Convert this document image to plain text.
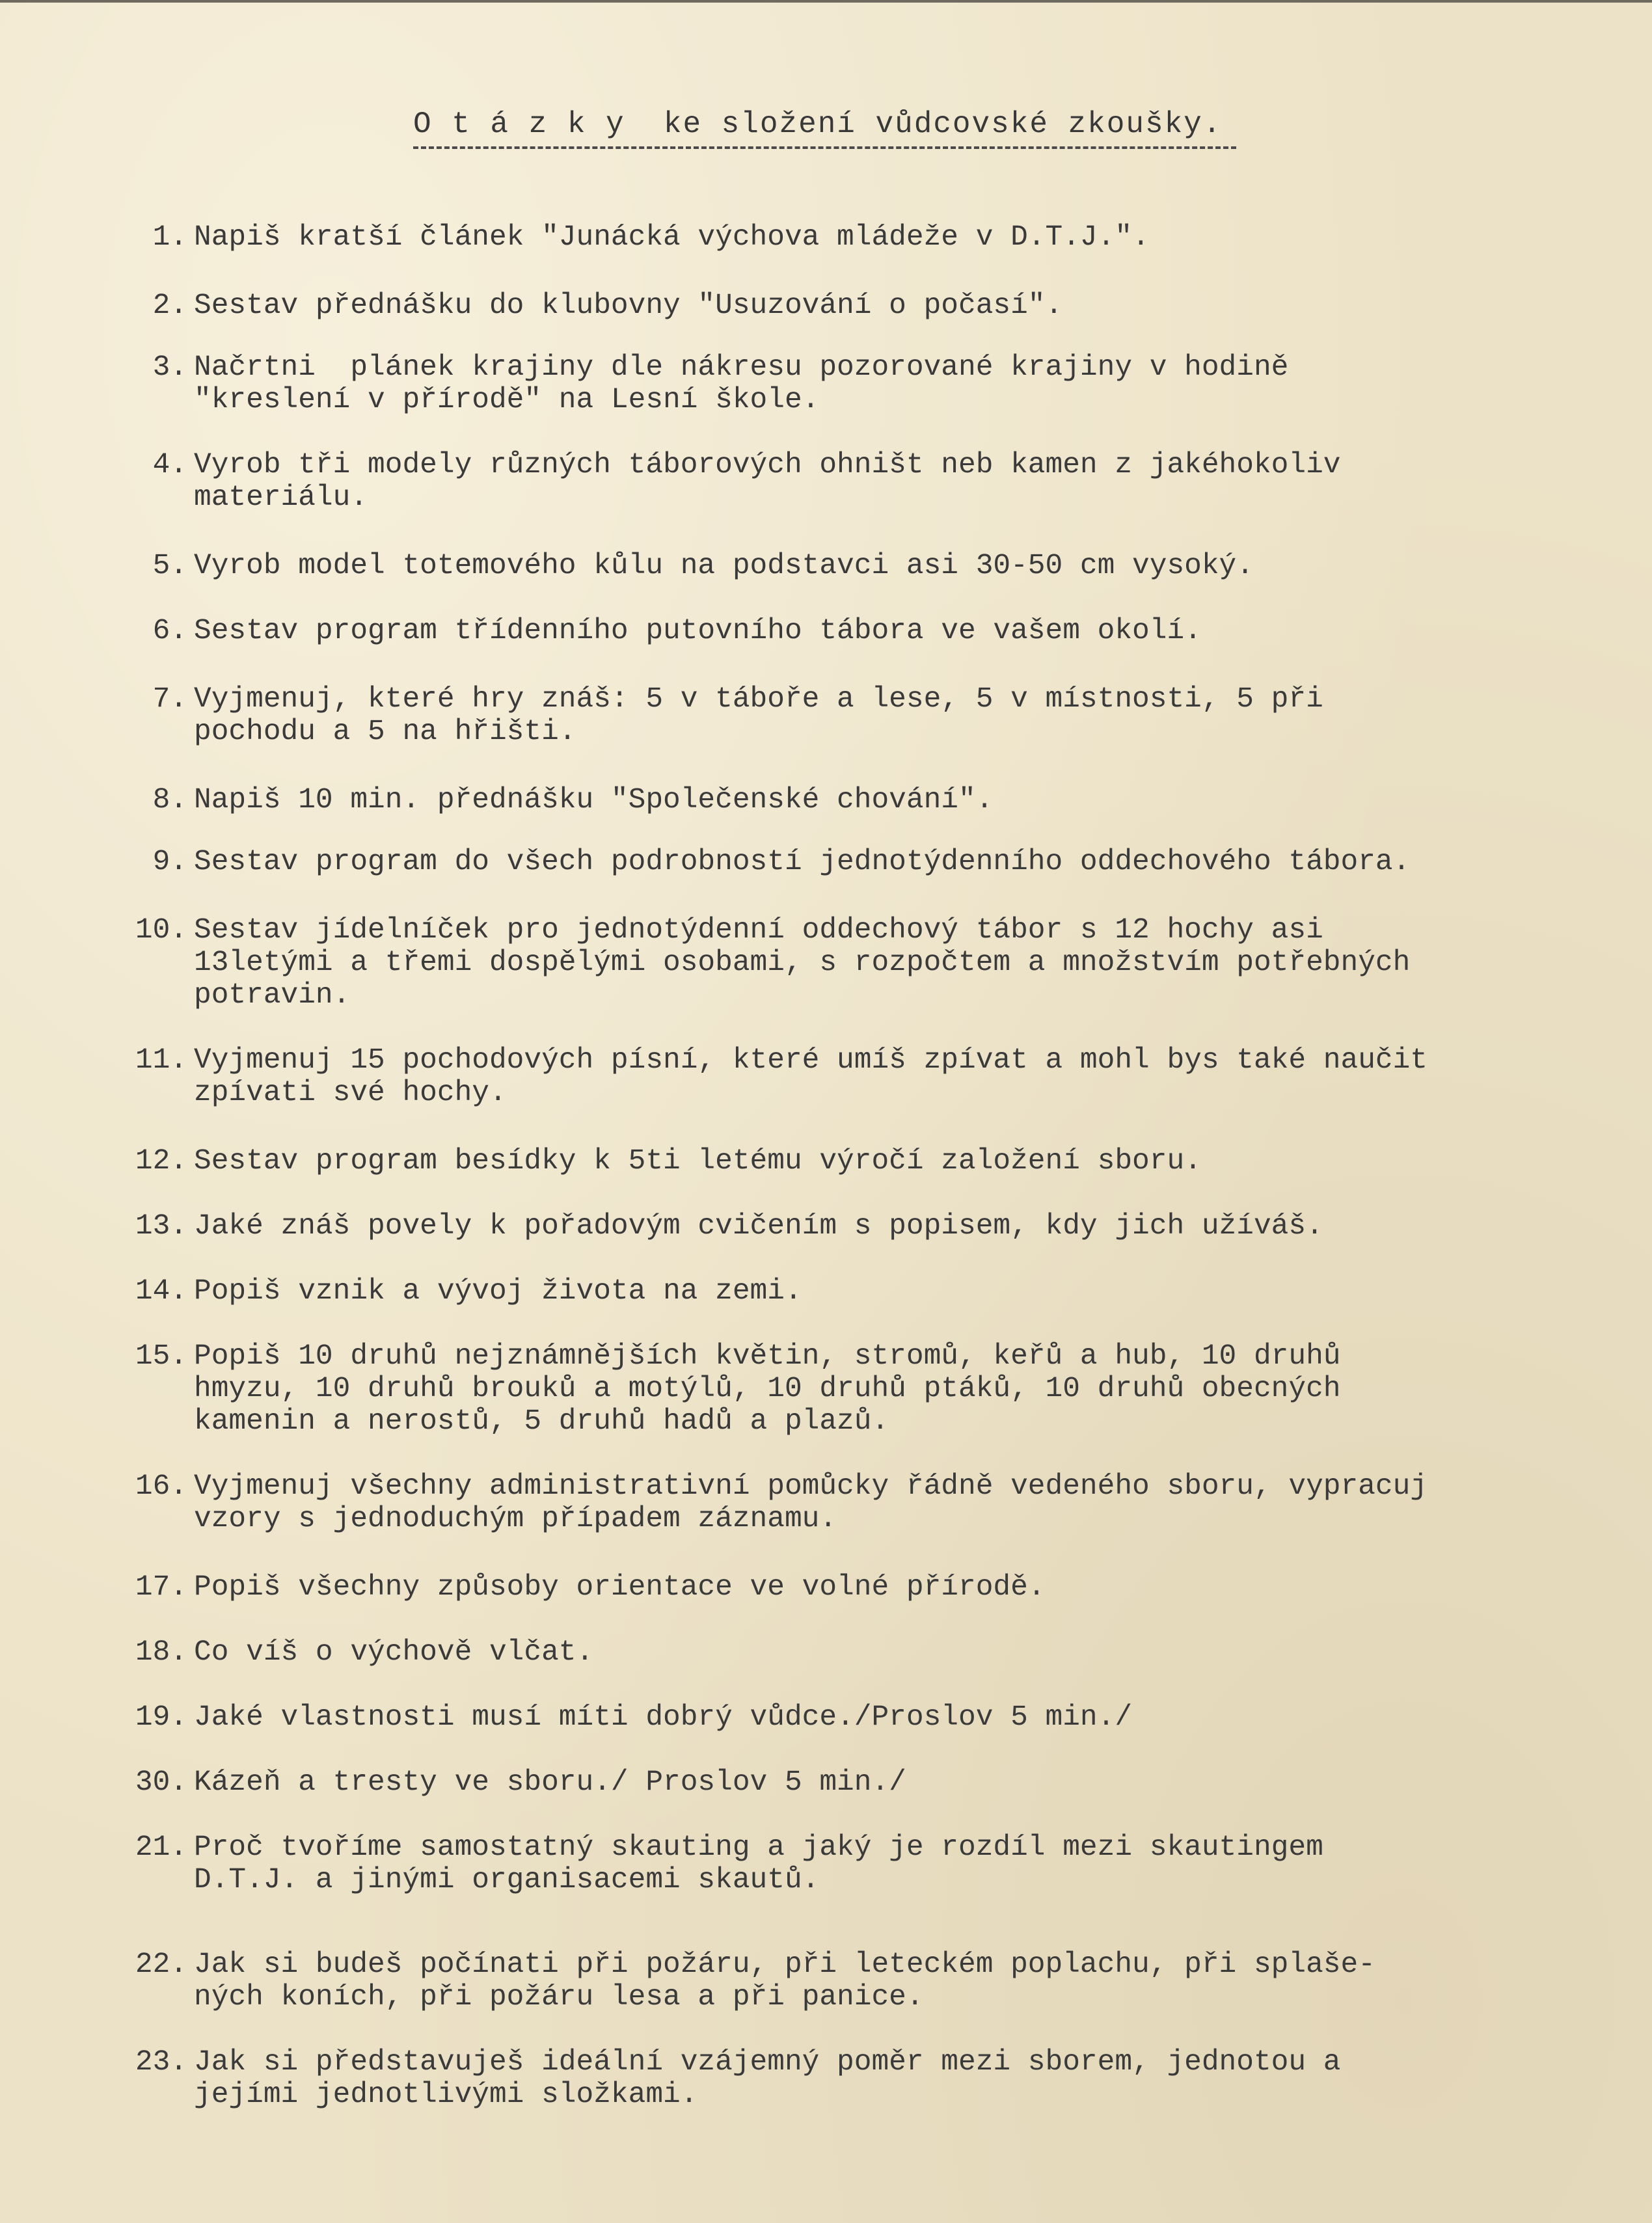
O t á z k y  ke složení vůdcovské zkoušky.
1. Napiš kratší článek "Junácká výchova mládeže v D.T.J.".
2. Sestav přednášku do klubovny "Usuzování o počasí".
3. Načrtni  plánek krajiny dle nákresu pozorované krajiny v hodině
"kreslení v přírodě" na Lesní škole.
4. Vyrob tři modely různých táborových ohništ neb kamen z jakéhokoliv
materiálu.
5. Vyrob model totemového kůlu na podstavci asi 30-50 cm vysoký.
6. Sestav program třídenního putovního tábora ve vašem okolí.
7. Vyjmenuj, které hry znáš: 5 v táboře a lese, 5 v místnosti, 5 při
pochodu a 5 na hřišti.
8. Napiš 10 min. přednášku "Společenské chování".
9. Sestav program do všech podrobností jednotýdenního oddechového tábora.
10. Sestav jídelníček pro jednotýdenní oddechový tábor s 12 hochy asi
13letými a třemi dospělými osobami, s rozpočtem a množstvím potřebných
potravin.
11. Vyjmenuj 15 pochodových písní, které umíš zpívat a mohl bys také naučit
zpívati své hochy.
12. Sestav program besídky k 5ti letému výročí založení sboru.
13. Jaké znáš povely k pořadovým cvičením s popisem, kdy jich užíváš.
14. Popiš vznik a vývoj života na zemi.
15. Popiš 10 druhů nejznámnějších květin, stromů, keřů a hub, 10 druhů
hmyzu, 10 druhů brouků a motýlů, 10 druhů ptáků, 10 druhů obecných
kamenin a nerostů, 5 druhů hadů a plazů.
16. Vyjmenuj všechny administrativní pomůcky řádně vedeného sboru, vypracuj
vzory s jednoduchým případem záznamu.
17. Popiš všechny způsoby orientace ve volné přírodě.
18. Co víš o výchově vlčat.
19. Jaké vlastnosti musí míti dobrý vůdce./Proslov 5 min./
30. Kázeň a tresty ve sboru./ Proslov 5 min./
21. Proč tvoříme samostatný skauting a jaký je rozdíl mezi skautingem
D.T.J. a jinými organisacemi skautů.
22. Jak si budeš počínati při požáru, při leteckém poplachu, při splaše-
ných koních, při požáru lesa a při panice.
23. Jak si představuješ ideální vzájemný poměr mezi sborem, jednotou a
jejími jednotlivými složkami.
